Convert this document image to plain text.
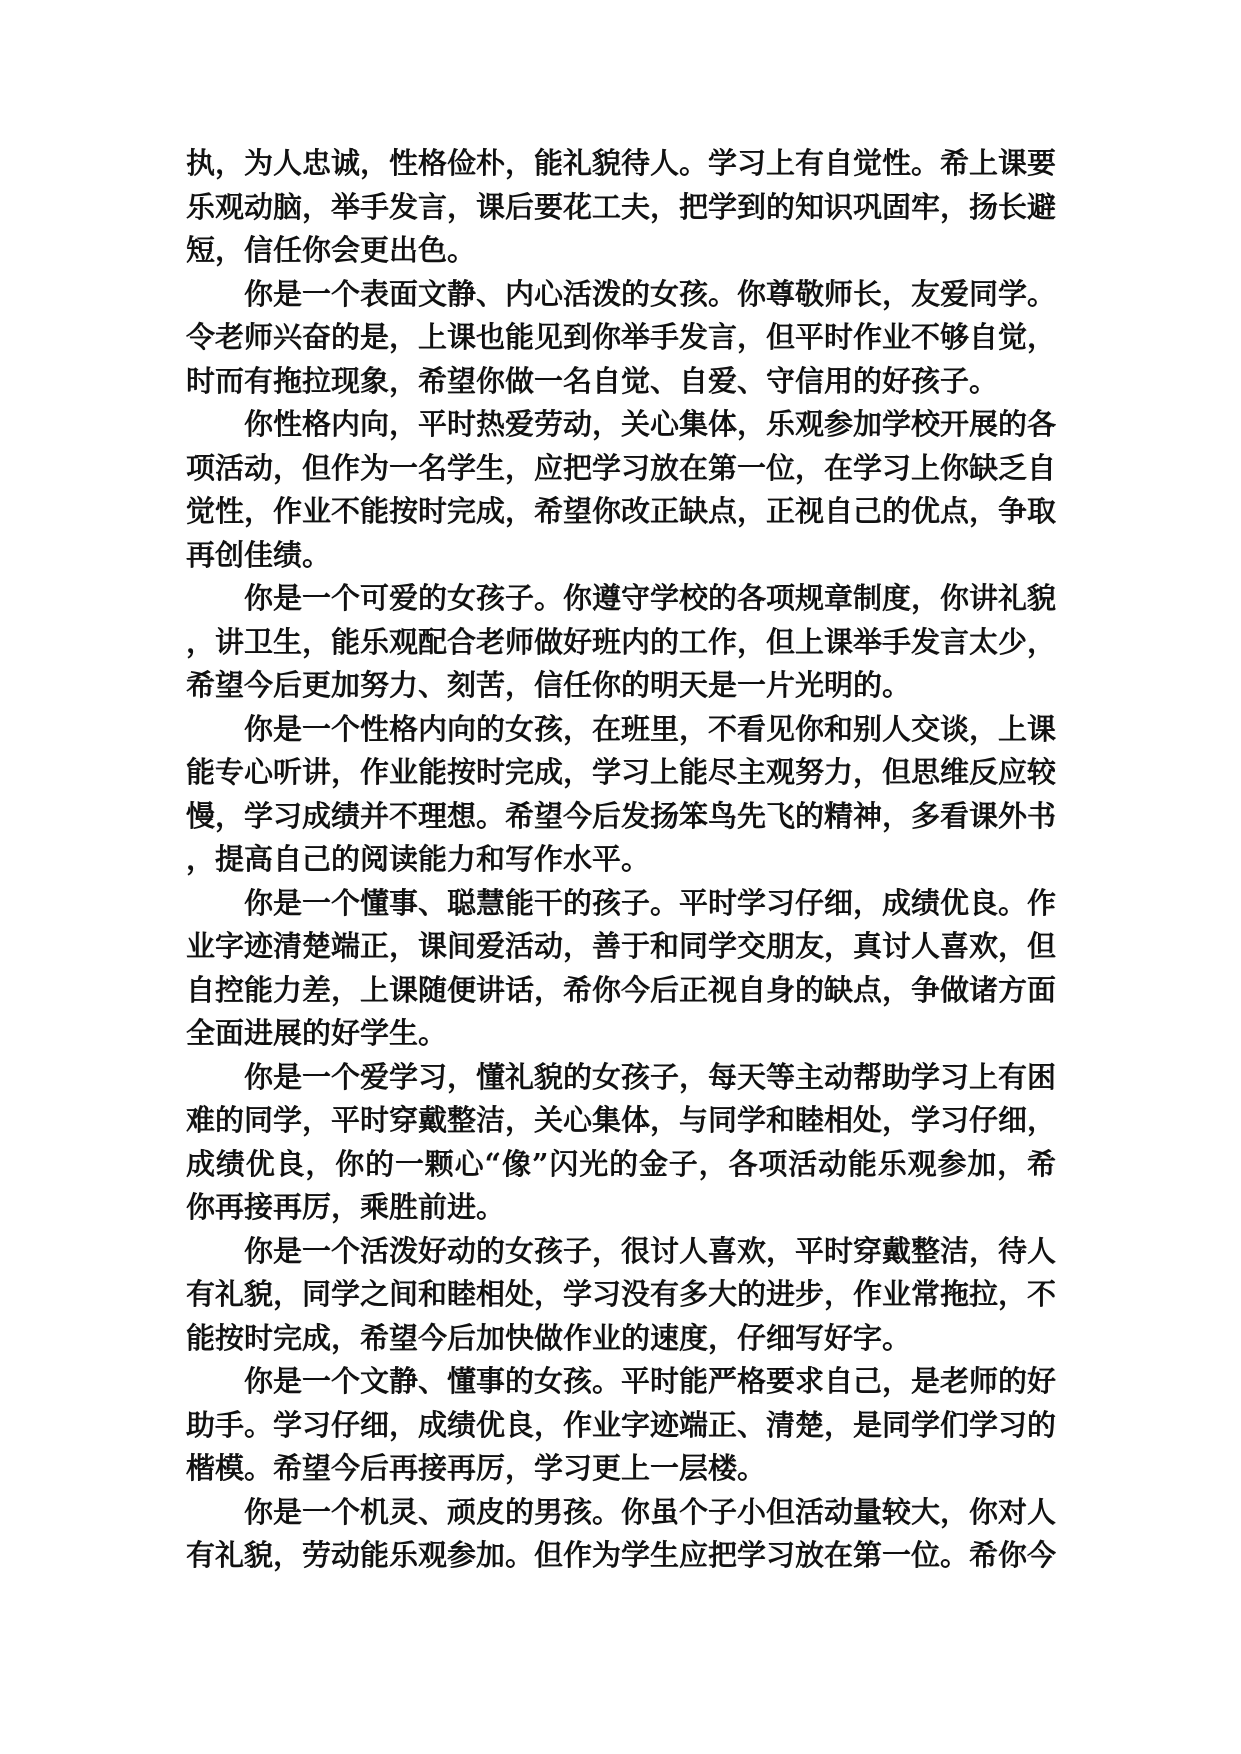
执，为人忠诚，性格俭朴，能礼貌待人。学习上有自觉性。希上课要乐观动脑，举手发言，课后要花工夫，把学到的知识巩固牢，扬长避短，信任你会更出色。

你是一个表面文静、内心活泼的女孩。你尊敬师长，友爱同学。令老师兴奋的是，上课也能见到你举手发言，但平时作业不够自觉，时而有拖拉现象，希望你做一名自觉、自爱、守信用的好孩子。

你性格内向，平时热爱劳动，关心集体，乐观参加学校开展的各项活动，但作为一名学生，应把学习放在第一位，在学习上你缺乏自觉性，作业不能按时完成，希望你改正缺点，正视自己的优点，争取再创佳绩。

你是一个可爱的女孩子。你遵守学校的各项规章制度，你讲礼貌，讲卫生，能乐观配合老师做好班内的工作，但上课举手发言太少，希望今后更加努力、刻苦，信任你的明天是一片光明的。

你是一个性格内向的女孩，在班里，不看见你和别人交谈，上课能专心听讲，作业能按时完成，学习上能尽主观努力，但思维反应较慢，学习成绩并不理想。希望今后发扬笨鸟先飞的精神，多看课外书，提高自己的阅读能力和写作水平。

你是一个懂事、聪慧能干的孩子。平时学习仔细，成绩优良。作业字迹清楚端正，课间爱活动，善于和同学交朋友，真讨人喜欢，但自控能力差，上课随便讲话，希你今后正视自身的缺点，争做诸方面全面进展的好学生。

你是一个爱学习，懂礼貌的女孩子，每天等主动帮助学习上有困难的同学，平时穿戴整洁，关心集体，与同学和睦相处，学习仔细，成绩优良，你的一颗心“像”闪光的金子，各项活动能乐观参加，希你再接再厉，乘胜前进。

你是一个活泼好动的女孩子，很讨人喜欢，平时穿戴整洁，待人有礼貌，同学之间和睦相处，学习没有多大的进步，作业常拖拉，不能按时完成，希望今后加快做作业的速度，仔细写好字。

你是一个文静、懂事的女孩。平时能严格要求自己，是老师的好助手。学习仔细，成绩优良，作业字迹端正、清楚，是同学们学习的楷模。希望今后再接再厉，学习更上一层楼。

你是一个机灵、顽皮的男孩。你虽个子小但活动量较大，你对人有礼貌，劳动能乐观参加。但作为学生应把学习放在第一位。希你今
